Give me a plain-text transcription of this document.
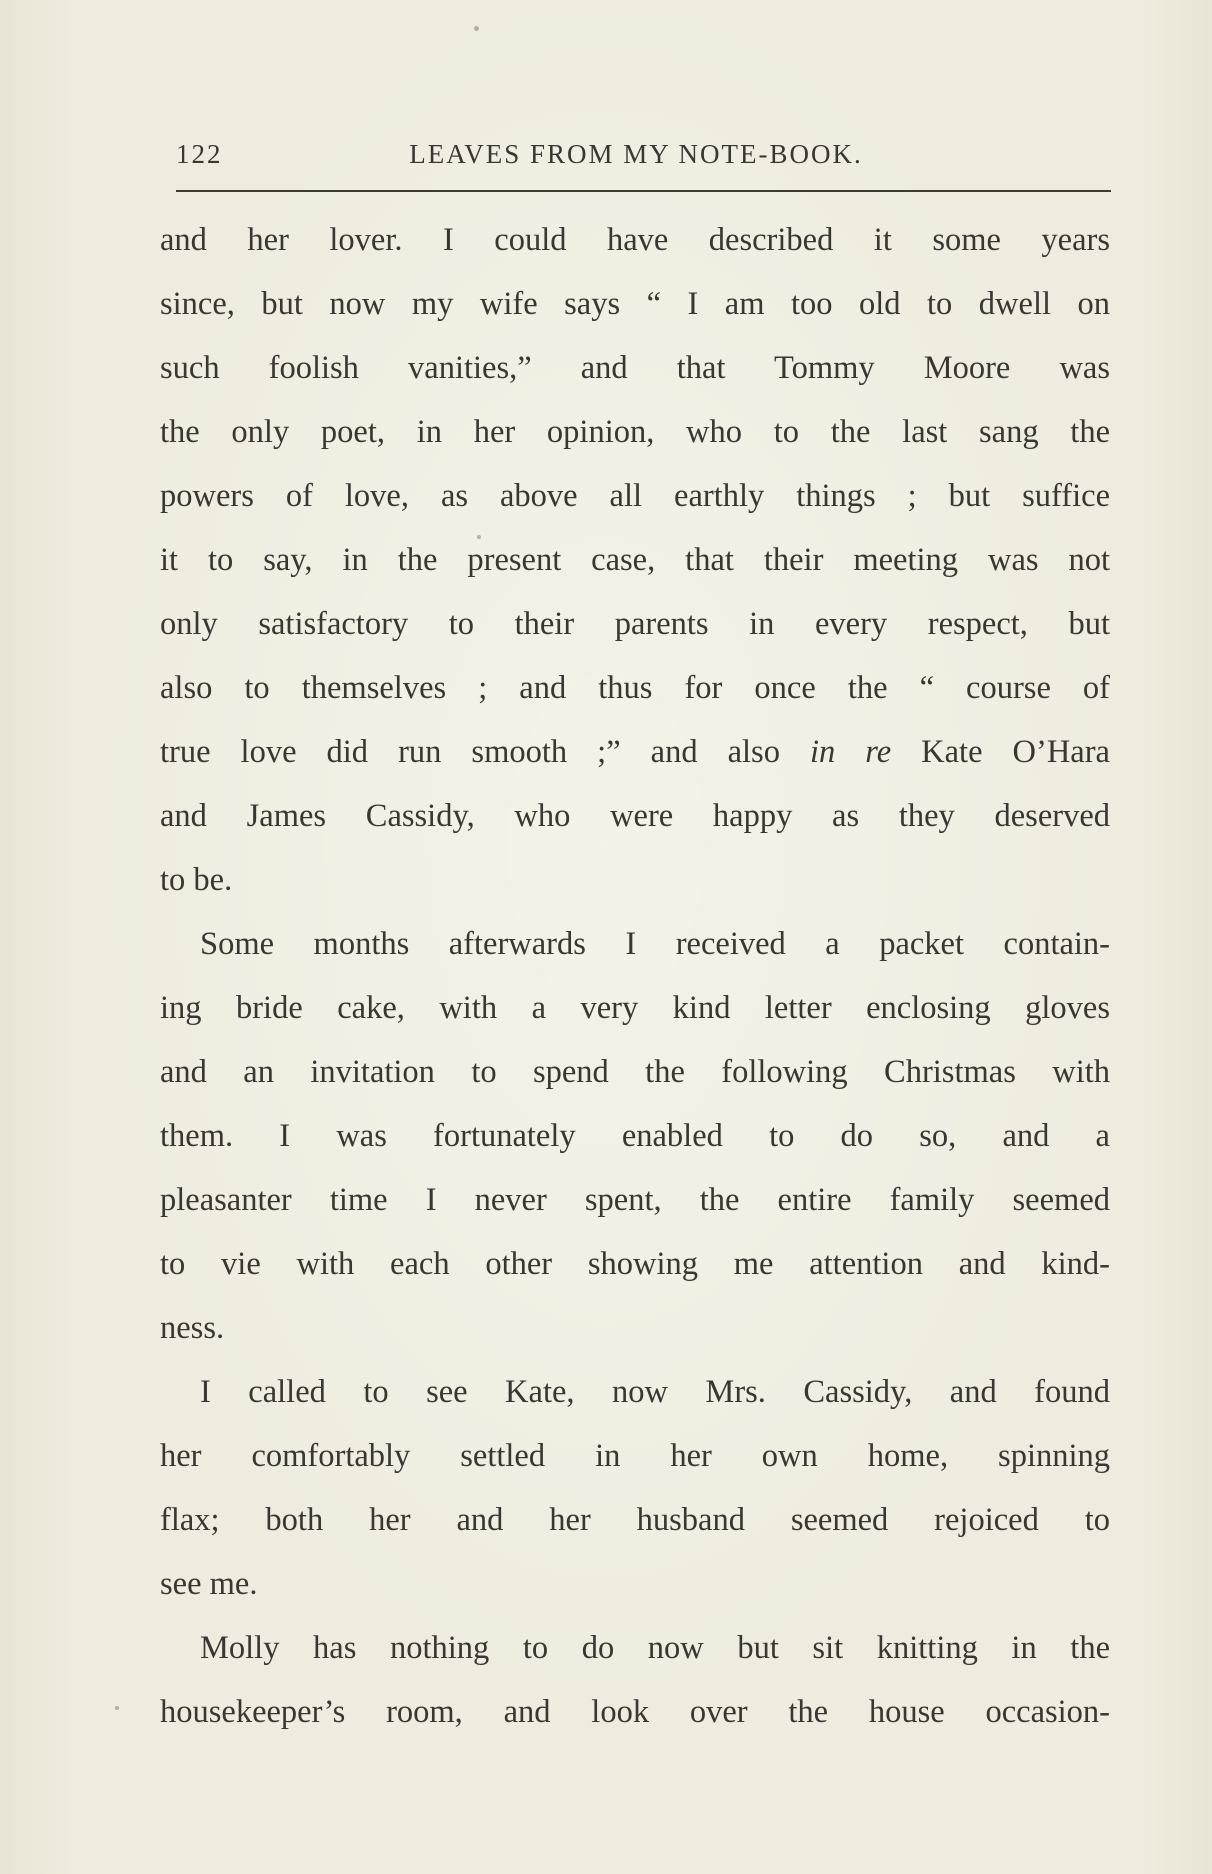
122	LEAVES FROM MY NOTE-BOOK.
and her lover. I could have described it some years
since, but now my wife says “ I am too old to dwell on
such foolish vanities,” and that Tommy Moore was
the only poet, in her opinion, who to the last sang the
powers of love, as above all earthly things ; but suffice
it to say, in the present case, that their meeting was not
only satisfactory to their parents in every respect, but
also to themselves ; and thus for once the “ course of
true love did run smooth ;” and also in re Kate O’Hara
and James Cassidy, who were happy as they deserved
to be.
Some months afterwards I received a packet contain-
ing bride cake, with a very kind letter enclosing gloves
and an invitation to spend the following Christmas with
them. I was fortunately enabled to do so, and a
pleasanter time I never spent, the entire family seemed
to vie with each other showing me attention and kind-
ness.
I called to see Kate, now Mrs. Cassidy, and found
her comfortably settled in her own home, spinning
flax; both her and her husband seemed rejoiced to
see me.
Molly has nothing to do now but sit knitting in the
housekeeper’s room, and look over the house occasion-
